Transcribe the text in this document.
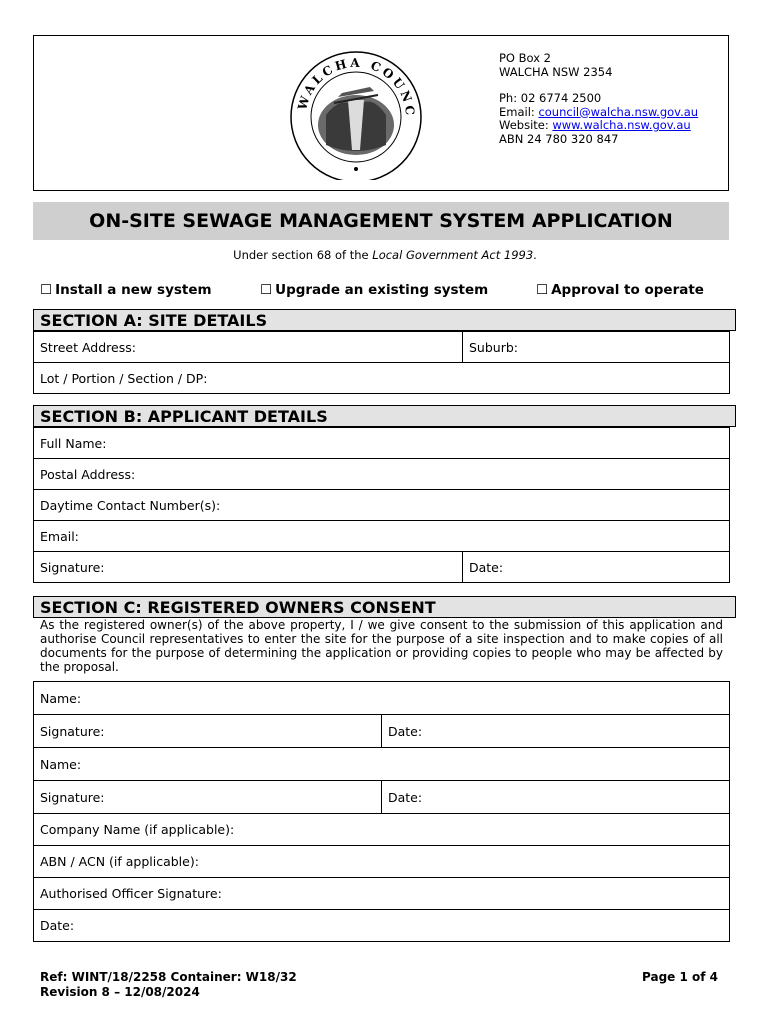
WALCHA COUNC
PO Box 2
WALCHA NSW 2354
Ph: 02 6774 2500
Email: council@walcha.nsw.gov.au
Website: www.walcha.nsw.gov.au
ABN 24 780 320 847
ON-SITE SEWAGE MANAGEMENT SYSTEM APPLICATION
Under section 68 of the Local Government Act 1993.
☐ Install a new system	☐ Upgrade an existing system	☐ Approval to operate
SECTION A: SITE DETAILS
Street Address:	Suburb:
Lot / Portion / Section / DP:
SECTION B: APPLICANT DETAILS
Full Name:
Postal Address:
Daytime Contact Number(s):
Email:
Signature:	Date:
SECTION C: REGISTERED OWNERS CONSENT
As the registered owner(s) of the above property, I / we give consent to the submission of this application and authorise Council representatives to enter the site for the purpose of a site inspection and to make copies of all documents for the purpose of determining the application or providing copies to people who may be affected by the proposal.
Name:	
Signature:	Date:
Name:	
Signature:	Date:
Company Name (if applicable):	
ABN / ACN (if applicable):	
Authorised Officer Signature:	
Date:	
Ref: WINT/18/2258 Container: W18/32
Revision 8 – 12/08/2024
Page 1 of 4
